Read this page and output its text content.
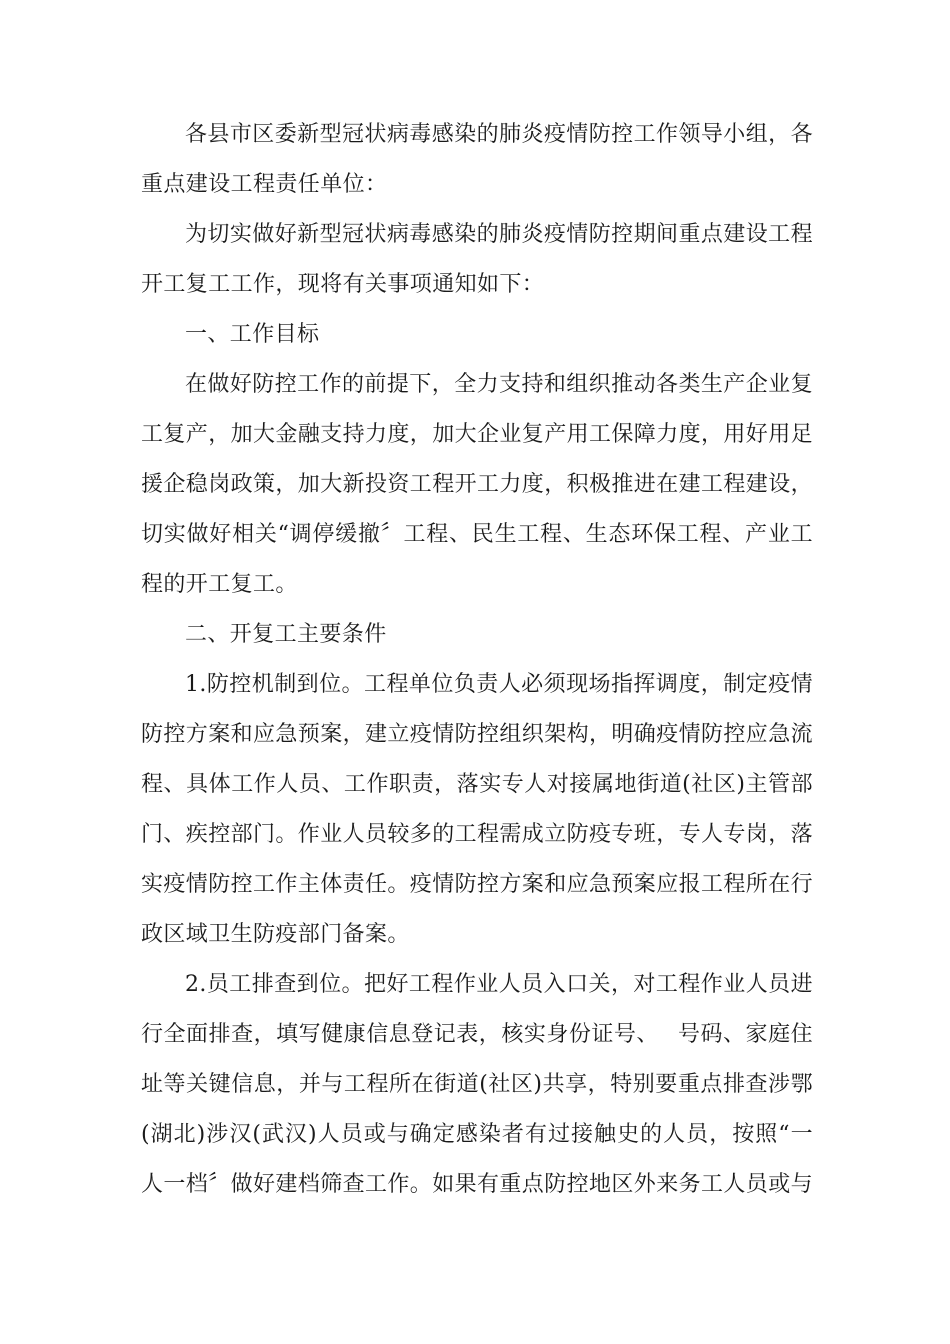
各县市区委新型冠状病毒感染的肺炎疫情防控工作领导小组，各重点建设工程责任单位：

为切实做好新型冠状病毒感染的肺炎疫情防控期间重点建设工程开工复工工作，现将有关事项通知如下：

一、工作目标

在做好防控工作的前提下，全力支持和组织推动各类生产企业复工复产，加大金融支持力度，加大企业复产用工保障力度，用好用足援企稳岗政策，加大新投资工程开工力度，积极推进在建工程建设，切实做好相关“调停缓撤〞工程、民生工程、生态环保工程、产业工程的开工复工。

二、开复工主要条件

1.防控机制到位。工程单位负责人必须现场指挥调度，制定疫情防控方案和应急预案，建立疫情防控组织架构，明确疫情防控应急流程、具体工作人员、工作职责，落实专人对接属地街道(社区)主管部门、疾控部门。作业人员较多的工程需成立防疫专班，专人专岗，落实疫情防控工作主体责任。疫情防控方案和应急预案应报工程所在行政区域卫生防疫部门备案。

2.员工排查到位。把好工程作业人员入口关，对工程作业人员进行全面排查，填写健康信息登记表，核实身份证号、　 号码、家庭住址等关键信息，并与工程所在街道(社区)共享，特别要重点排查涉鄂(湖北)涉汉(武汉)人员或与确定感染者有过接触史的人员，按照“一人一档〞做好建档筛查工作。如果有重点防控地区外来务工人员或与
